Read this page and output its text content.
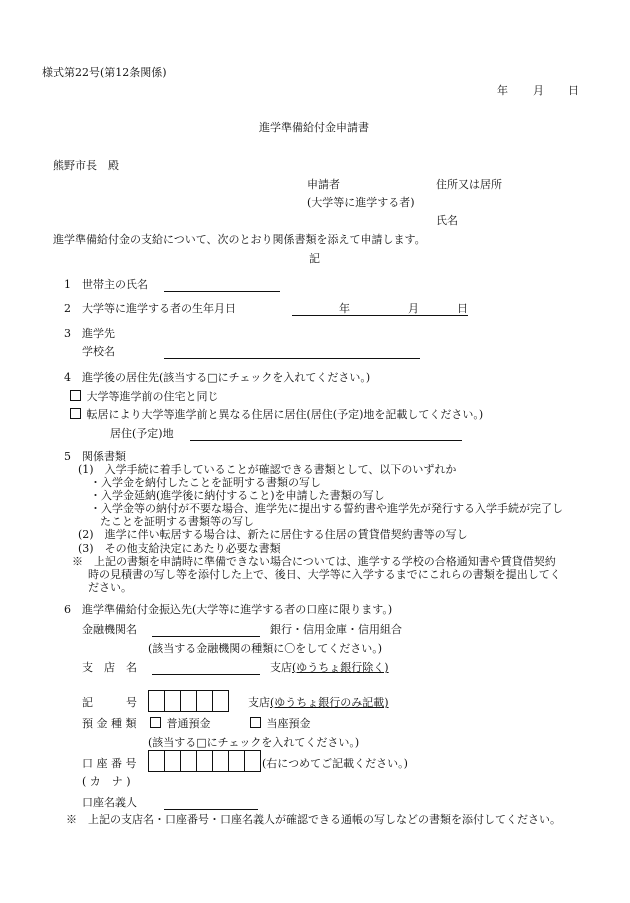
様式第22号(第12条関係)
年 月 日
進学準備給付金申請書
熊野市長　殿
申請者	住所又は居所
(大学等に進学する者)
氏名
進学準備給付金の支給について、次のとおり関係書類を添えて申請します。
記
1　世帯主の氏名
2　大学等に進学する者の生年月日	年	月	日
3　進学先
学校名
4　進学後の居住先(該当する□にチェックを入れてください。)
大学等進学前の住宅と同じ
転居により大学等進学前と異なる住居に居住(居住(予定)地を記載してください。)
居住(予定)地
5　関係書類
(1)　入学手続に着手していることが確認できる書類として、以下のいずれか
・入学金を納付したことを証明する書類の写し
・入学金延納(進学後に納付すること)を申請した書類の写し
・入学金等の納付が不要な場合、進学先に提出する誓約書や進学先が発行する入学手続が完了し
たことを証明する書類等の写し
(2)　進学に伴い転居する場合は、新たに居住する住居の賃貸借契約書等の写し
(3)　その他支給決定にあたり必要な書類
※　上記の書類を申請時に準備できない場合については、進学する学校の合格通知書や賃貸借契約
時の見積書の写し等を添付した上で、後日、大学等に入学するまでにこれらの書類を提出してく
ださい。
6　進学準備給付金振込先(大学等に進学する者の口座に限ります。)
金融機関名	銀行・信用金庫・信用組合
(該当する金融機関の種類に〇をしてください。)
支　店　名	支店(ゆうちょ銀行除く)
記　　　号	支店(ゆうちょ銀行のみ記載)
預 金 種 類	普通預金	当座預金
(該当する□にチェックを入れてください。)
口 座 番 号	(右につめてご記載ください。)
( カ　ナ )
口座名義人
※　上記の支店名・口座番号・口座名義人が確認できる通帳の写しなどの書類を添付してください。
